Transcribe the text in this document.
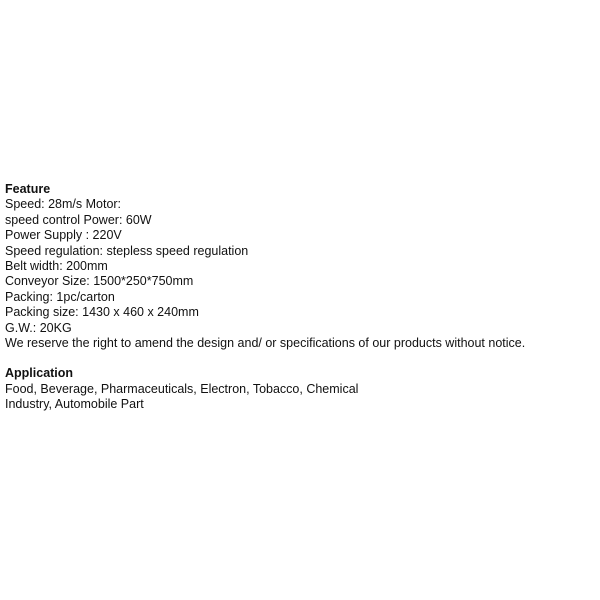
Feature
Speed: 28m/s Motor:
speed control Power: 60W
Power Supply : 220V
Speed regulation: stepless speed regulation
Belt width: 200mm
Conveyor Size: 1500*250*750mm
Packing: 1pc/carton
Packing size: 1430 x 460 x 240mm
G.W.: 20KG
We reserve the right to amend the design and/ or specifications of our products without notice.
Application
Food, Beverage, Pharmaceuticals, Electron, Tobacco, Chemical
Industry, Automobile Part
